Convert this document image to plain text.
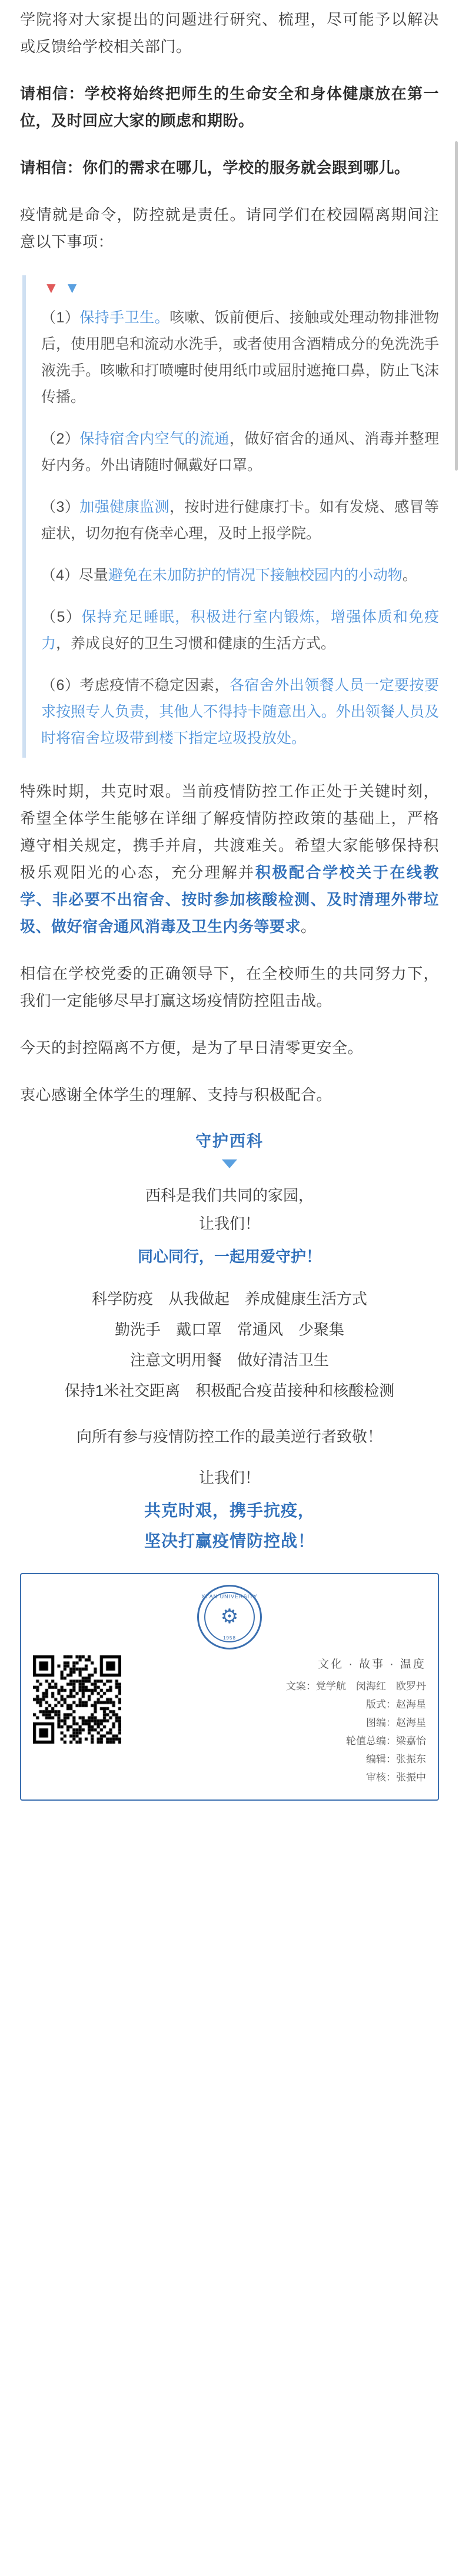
学院将对大家提出的问题进行研究、梳理，尽可能予以解决或反馈给学校相关部门。

请相信：学校将始终把师生的生命安全和身体健康放在第一位，及时回应大家的顾虑和期盼。

请相信：你们的需求在哪儿，学校的服务就会跟到哪儿。

疫情就是命令，防控就是责任。请同学们在校园隔离期间注意以下事项：

▼▼

（1）保持手卫生。咳嗽、饭前便后、接触或处理动物排泄物后，使用肥皂和流动水洗手，或者使用含酒精成分的免洗洗手液洗手。咳嗽和打喷嚏时使用纸巾或屈肘遮掩口鼻，防止飞沫传播。

（2）保持宿舍内空气的流通，做好宿舍的通风、消毒并整理好内务。外出请随时佩戴好口罩。

（3）加强健康监测，按时进行健康打卡。如有发烧、感冒等症状，切勿抱有侥幸心理，及时上报学院。

（4）尽量避免在未加防护的情况下接触校园内的小动物。

（5）保持充足睡眠，积极进行室内锻炼，增强体质和免疫力，养成良好的卫生习惯和健康的生活方式。

（6）考虑疫情不稳定因素，各宿舍外出领餐人员一定要按要求按照专人负责，其他人不得持卡随意出入。外出领餐人员及时将宿舍垃圾带到楼下指定垃圾投放处。

特殊时期，共克时艰。当前疫情防控工作正处于关键时刻，希望全体学生能够在详细了解疫情防控政策的基础上，严格遵守相关规定，携手并肩，共渡难关。希望大家能够保持积极乐观阳光的心态，充分理解并积极配合学校关于在线教学、非必要不出宿舍、按时参加核酸检测、及时清理外带垃圾、做好宿舍通风消毒及卫生内务等要求。

相信在学校党委的正确领导下，在全校师生的共同努力下，我们一定能够尽早打赢这场疫情防控阻击战。

今天的封控隔离不方便，是为了早日清零更安全。

衷心感谢全体学生的理解、支持与积极配合。

守护西科
西科是我们共同的家园，
让我们！
同心同行，一起用爱守护！
科学防疫　从我做起　养成健康生活方式
勤洗手　戴口罩　常通风　少聚集
注意文明用餐　做好清洁卫生
保持1米社交距离　积极配合疫苗接种和核酸检测
向所有参与疫情防控工作的最美逆行者致敬！
让我们！
共克时艰，携手抗疫，
坚决打赢疫情防控战！
XI'AN UNIVERSITY
⚙
1958
文化 · 故事 · 温度
文案：党学航　闵海红　欧罗丹
版式：赵海星
图编：赵海星
轮值总编：梁嘉怡
编辑：张振东
审核：张振中
